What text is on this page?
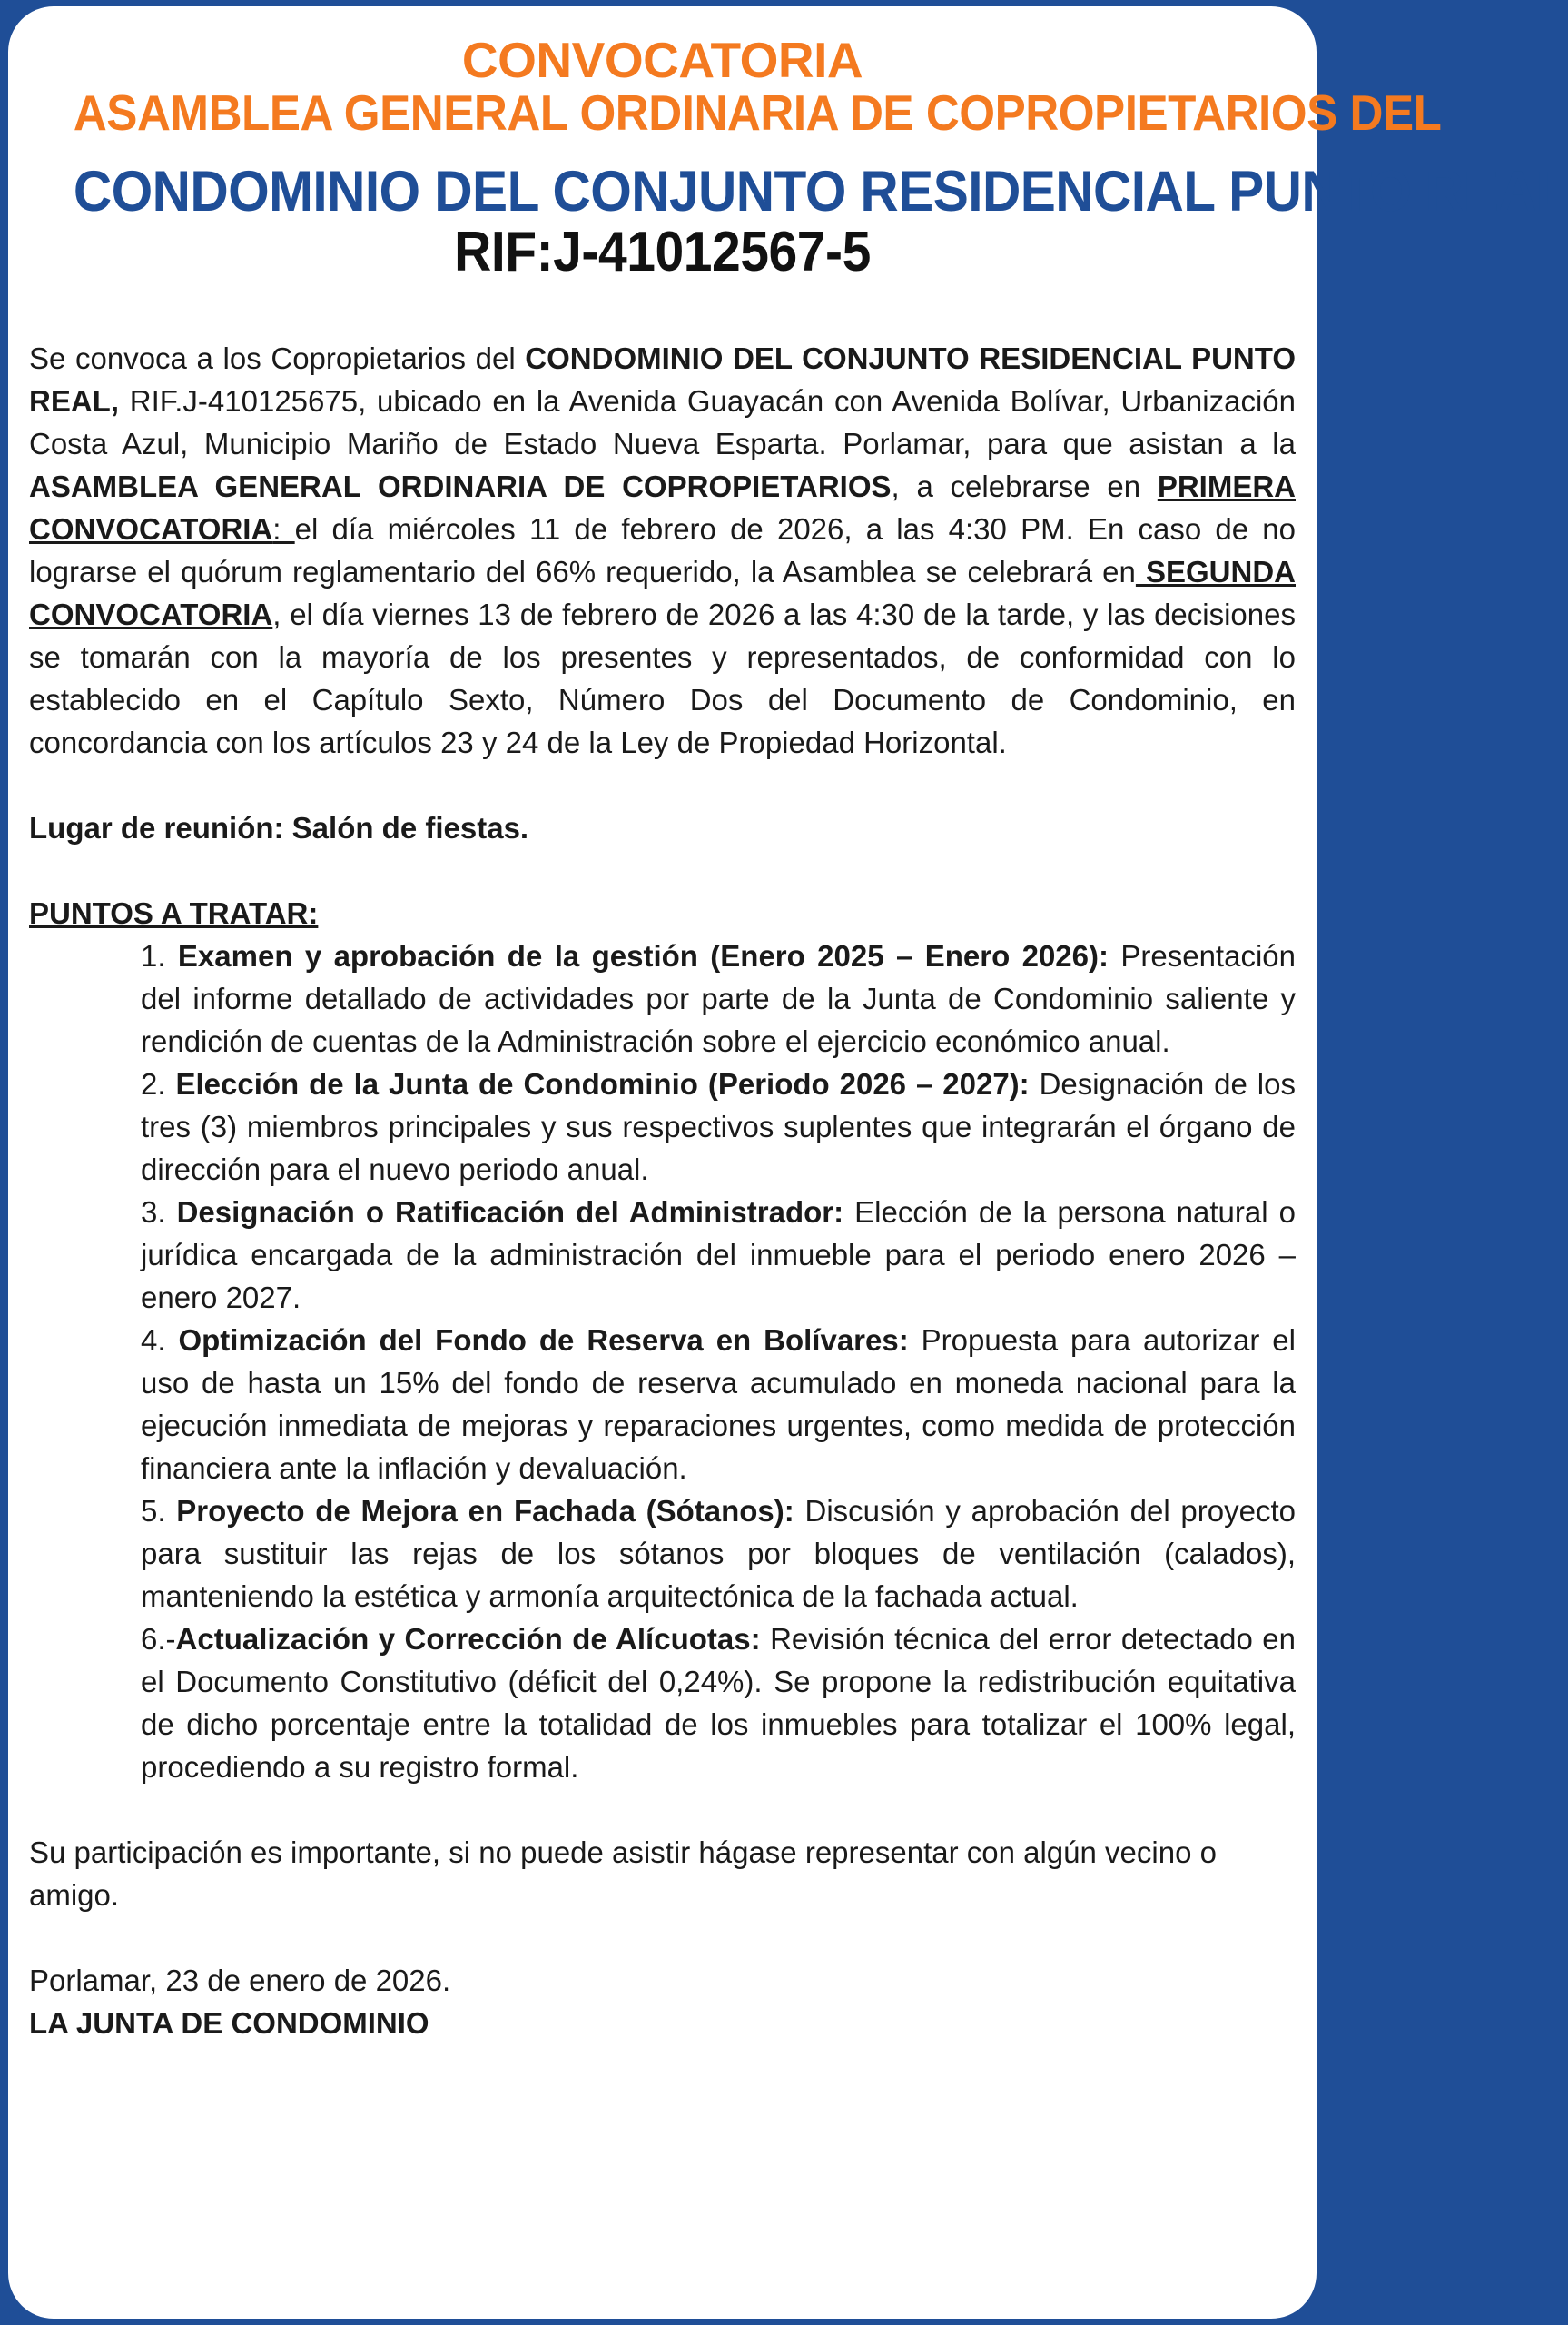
CONVOCATORIA
ASAMBLEA GENERAL ORDINARIA DE COPROPIETARIOS DEL
CONDOMINIO DEL CONJUNTO RESIDENCIAL PUNTO REAL
RIF:J-41012567-5

Se convoca a los Copropietarios del CONDOMINIO DEL CONJUNTO RESIDENCIAL PUNTO REAL, RIF.J-410125675, ubicado en la Avenida Guayacán con Avenida Bolívar, Urbanización Costa Azul, Municipio Mariño de Estado Nueva Esparta. Porlamar, para que asistan a la ASAMBLEA GENERAL ORDINARIA DE COPROPIETARIOS, a celebrarse en PRIMERA CONVOCATORIA: el día miércoles 11 de febrero de 2026, a las 4:30 PM. En caso de no lograrse el quórum reglamentario del 66% requerido, la Asamblea se celebrará en SEGUNDA CONVOCATORIA, el día viernes 13 de febrero de 2026 a las 4:30 de la tarde, y las decisiones se tomarán con la mayoría de los presentes y representados, de conformidad con lo establecido en el Capítulo Sexto, Número Dos del Documento de Condominio, en concordancia con los artículos 23 y 24 de la Ley de Propiedad Horizontal.

Lugar de reunión: Salón de fiestas.

PUNTOS A TRATAR:

1. Examen y aprobación de la gestión (Enero 2025 – Enero 2026): Presentación del informe detallado de actividades por parte de la Junta de Condominio saliente y rendición de cuentas de la Administración sobre el ejercicio económico anual.

2. Elección de la Junta de Condominio (Periodo 2026 – 2027): Designación de los tres (3) miembros principales y sus respectivos suplentes que integrarán el órgano de dirección para el nuevo periodo anual.

3. Designación o Ratificación del Administrador: Elección de la persona natural o jurídica encargada de la administración del inmueble para el periodo enero 2026 – enero 2027.

4. Optimización del Fondo de Reserva en Bolívares: Propuesta para autorizar el uso de hasta un 15% del fondo de reserva acumulado en moneda nacional para la ejecución inmediata de mejoras y reparaciones urgentes, como medida de protección financiera ante la inflación y devaluación.

5. Proyecto de Mejora en Fachada (Sótanos): Discusión y aprobación del proyecto para sustituir las rejas de los sótanos por bloques de ventilación (calados), manteniendo la estética y armonía arquitectónica de la fachada actual.

6.-Actualización y Corrección de Alícuotas: Revisión técnica del error detectado en el Documento Constitutivo (déficit del 0,24%). Se propone la redistribución equitativa de dicho porcentaje entre la totalidad de los inmuebles para totalizar el 100% legal, procediendo a su registro formal.

Su participación es importante, si no puede asistir hágase representar con algún vecino o amigo.

Porlamar, 23 de enero de 2026.

LA JUNTA DE CONDOMINIO
